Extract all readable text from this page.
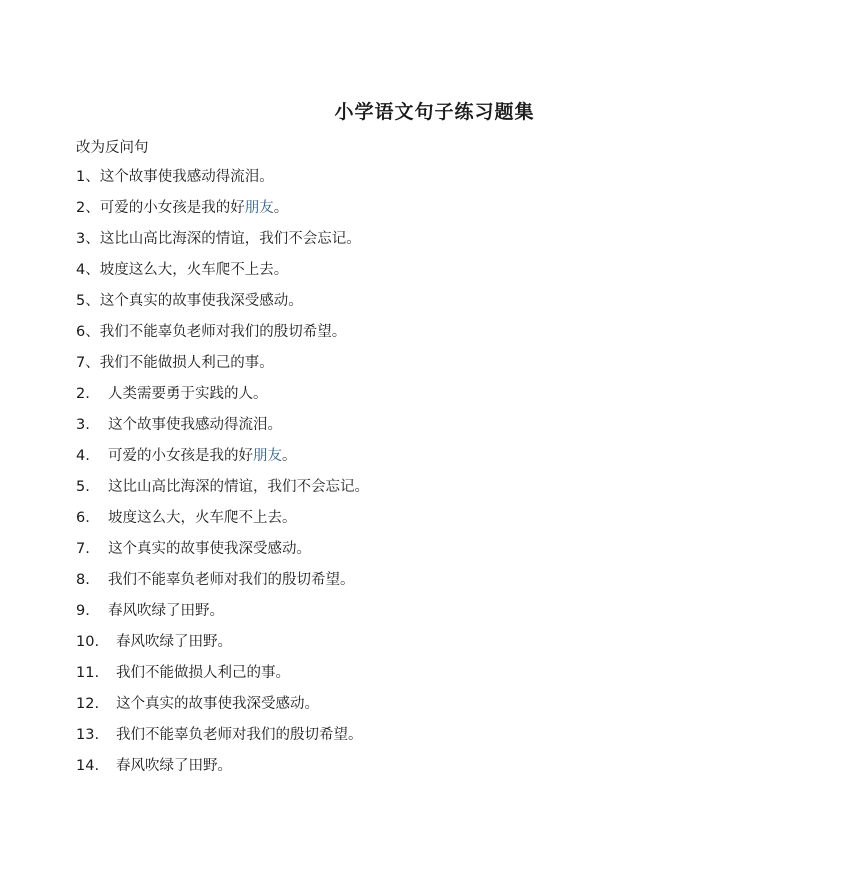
小学语文句子练习题集
改为反问句
1、 这个故事使我感动得流泪。
2、 可爱的小女孩是我的好 朋友 。
3、 这比山高比海深的情谊，我们不会忘记。
4、 坡度这么大，火车爬不上去。
5、 这个真实的故事使我深受感动。
6、 我们不能辜负老师对我们的殷切希望。
7、 我们不能做损人利己的事。
2.	人类需要勇于实践的人。
3.	这个故事使我感动得流泪。
4.	可爱的小女孩是我的好 朋友 。
5.	这比山高比海深的情谊，我们不会忘记。
6.	坡度这么大，火车爬不上去。
7.	这个真实的故事使我深受感动。
8.	我们不能辜负老师对我们的殷切希望。
9.	春风吹绿了田野。
10.	春风吹绿了田野。
11.	我们不能做损人利己的事。
12.	这个真实的故事使我深受感动。
13.	我们不能辜负老师对我们的殷切希望。
14.	春风吹绿了田野。
